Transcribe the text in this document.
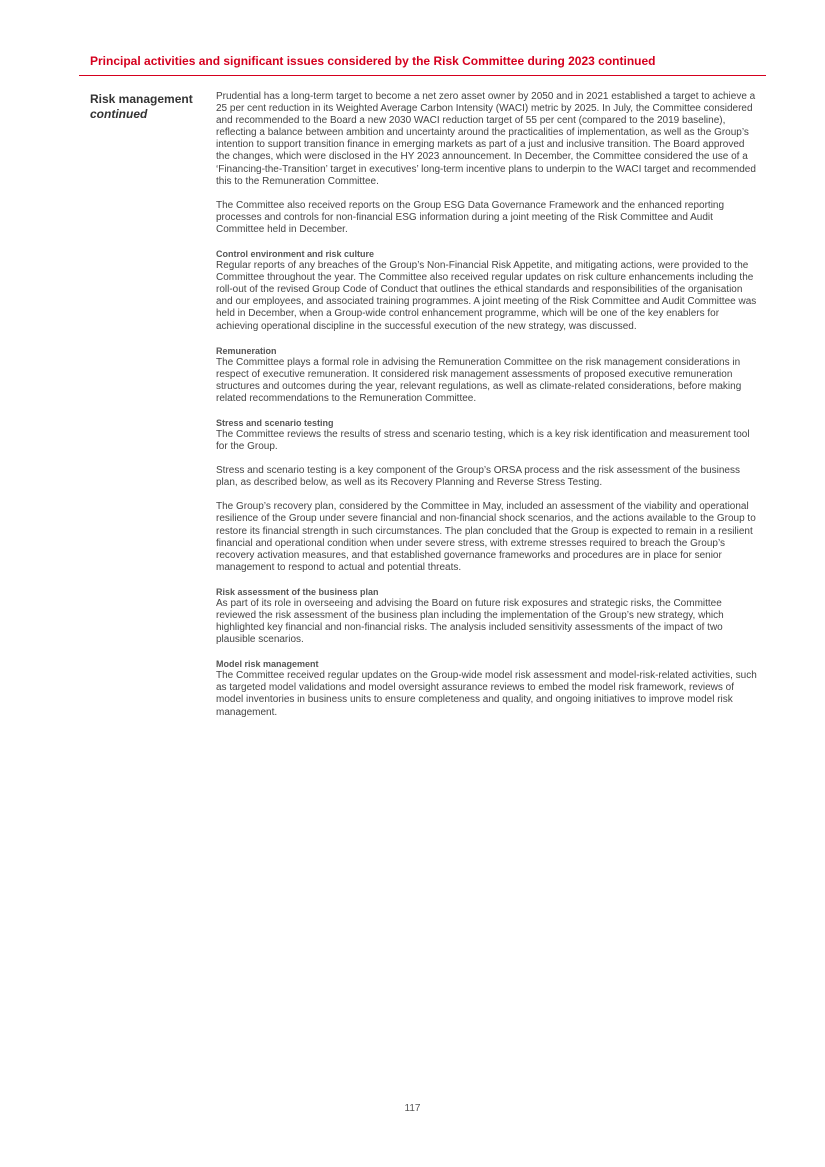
Principal activities and significant issues considered by the Risk Committee during 2023 continued
Risk management
continued

Prudential has a long-term target to become a net zero asset owner by 2050 and in 2021 established a target to achieve a 25 per cent reduction in its Weighted Average Carbon Intensity (WACI) metric by 2025. In July, the Committee considered and recommended to the Board a new 2030 WACI reduction target of 55 per cent (compared to the 2019 baseline), reflecting a balance between ambition and uncertainty around the practicalities of implementation, as well as the Group’s intention to support transition finance in emerging markets as part of a just and inclusive transition. The Board approved the changes, which were disclosed in the HY 2023 announcement. In December, the Committee considered the use of a ‘Financing-the-Transition’ target in executives’ long-term incentive plans to underpin to the WACI target and recommended this to the Remuneration Committee.

The Committee also received reports on the Group ESG Data Governance Framework and the enhanced reporting processes and controls for non-financial ESG information during a joint meeting of the Risk Committee and Audit Committee held in December.

Control environment and risk culture
Regular reports of any breaches of the Group’s Non-Financial Risk Appetite, and mitigating actions, were provided to the Committee throughout the year. The Committee also received regular updates on risk culture enhancements including the roll-out of the revised Group Code of Conduct that outlines the ethical standards and responsibilities of the organisation and our employees, and associated training programmes. A joint meeting of the Risk Committee and Audit Committee was held in December, when a Group-wide control enhancement programme, which will be one of the key enablers for achieving operational discipline in the successful execution of the new strategy, was discussed.

Remuneration
The Committee plays a formal role in advising the Remuneration Committee on the risk management considerations in respect of executive remuneration. It considered risk management assessments of proposed executive remuneration structures and outcomes during the year, relevant regulations, as well as climate-related considerations, before making related recommendations to the Remuneration Committee.

Stress and scenario testing
The Committee reviews the results of stress and scenario testing, which is a key risk identification and measurement tool for the Group.

Stress and scenario testing is a key component of the Group’s ORSA process and the risk assessment of the business plan, as described below, as well as its Recovery Planning and Reverse Stress Testing.

The Group’s recovery plan, considered by the Committee in May, included an assessment of the viability and operational resilience of the Group under severe financial and non-financial shock scenarios, and the actions available to the Group to restore its financial strength in such circumstances. The plan concluded that the Group is expected to remain in a resilient financial and operational condition when under severe stress, with extreme stresses required to breach the Group’s recovery activation measures, and that established governance frameworks and procedures are in place for senior management to respond to actual and potential threats.

Risk assessment of the business plan
As part of its role in overseeing and advising the Board on future risk exposures and strategic risks, the Committee reviewed the risk assessment of the business plan including the implementation of the Group’s new strategy, which highlighted key financial and non-financial risks. The analysis included sensitivity assessments of the impact of two plausible scenarios.

Model risk management
The Committee received regular updates on the Group-wide model risk assessment and model-risk-related activities, such as targeted model validations and model oversight assurance reviews to embed the model risk framework, reviews of model inventories in business units to ensure completeness and quality, and ongoing initiatives to improve model risk management.

117
